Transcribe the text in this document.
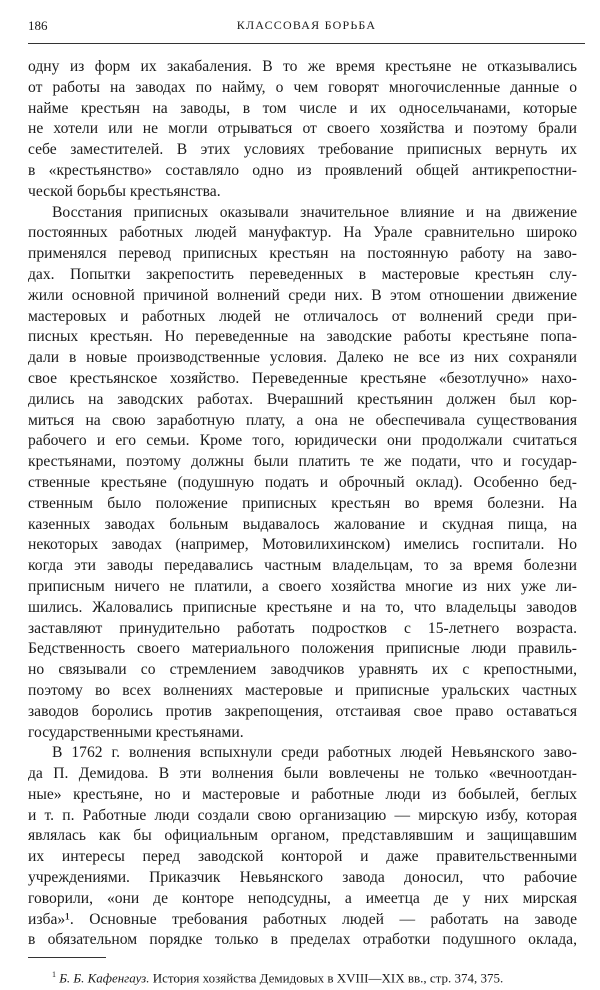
186	КЛАССОВАЯ БОРЬБА
одну из форм их закабаления. В то же время крестьяне не отказывались
от работы на заводах по найму, о чем говорят многочисленные данные о
найме крестьян на заводы, в том числе и их односельчанами, которые
не хотели или не могли отрываться от своего хозяйства и поэтому брали
себе заместителей. В этих условиях требование приписных вернуть их
в «крестьянство» составляло одно из проявлений общей антикрепостни-
ческой борьбы крестьянства.
Восстания приписных оказывали значительное влияние и на движение
постоянных работных людей мануфактур. На Урале сравнительно широко
применялся перевод приписных крестьян на постоянную работу на заво-
дах. Попытки закрепостить переведенных в мастеровые крестьян слу-
жили основной причиной волнений среди них. В этом отношении движение
мастеровых и работных людей не отличалось от волнений среди при-
писных крестьян. Но переведенные на заводские работы крестьяне попа-
дали в новые производственные условия. Далеко не все из них сохраняли
свое крестьянское хозяйство. Переведенные крестьяне «безотлучно» нахо-
дились на заводских работах. Вчерашний крестьянин должен был кор-
миться на свою заработную плату, а она не обеспечивала существования
рабочего и его семьи. Кроме того, юридически они продолжали считаться
крестьянами, поэтому должны были платить те же подати, что и государ-
ственные крестьяне (подушную подать и оброчный оклад). Особенно бед-
ственным было положение приписных крестьян во время болезни. На
казенных заводах больным выдавалось жалование и скудная пища, на
некоторых заводах (например, Мотовилихинском) имелись госпитали. Но
когда эти заводы передавались частным владельцам, то за время болезни
приписным ничего не платили, а своего хозяйства многие из них уже ли-
шились. Жаловались приписные крестьяне и на то, что владельцы заводов
заставляют принудительно работать подростков с 15-летнего возраста.
Бедственность своего материального положения приписные люди правиль-
но связывали со стремлением заводчиков уравнять их с крепостными,
поэтому во всех волнениях мастеровые и приписные уральских частных
заводов боролись против закрепощения, отстаивая свое право оставаться
государственными крестьянами.
В 1762 г. волнения вспыхнули среди работных людей Невьянского заво-
да П. Демидова. В эти волнения были вовлечены не только «вечноотдан-
ные» крестьяне, но и мастеровые и работные люди из бобылей, беглых
и т. п. Работные люди создали свою организацию — мирскую избу, которая
являлась как бы официальным органом, представлявшим и защищавшим
их интересы перед заводской конторой и даже правительственными
учреждениями. Приказчик Невьянского завода доносил, что рабочие
говорили, «они де конторе неподсудны, а имеетца де у них мирская
изба»¹. Основные требования работных людей — работать на заводе
в обязательном порядке только в пределах отработки подушного оклада,
$^1$ Б. Б. Кафенгауз. История хозяйства Демидовых в XVIII—XIX вв., стр. 374, 375.
